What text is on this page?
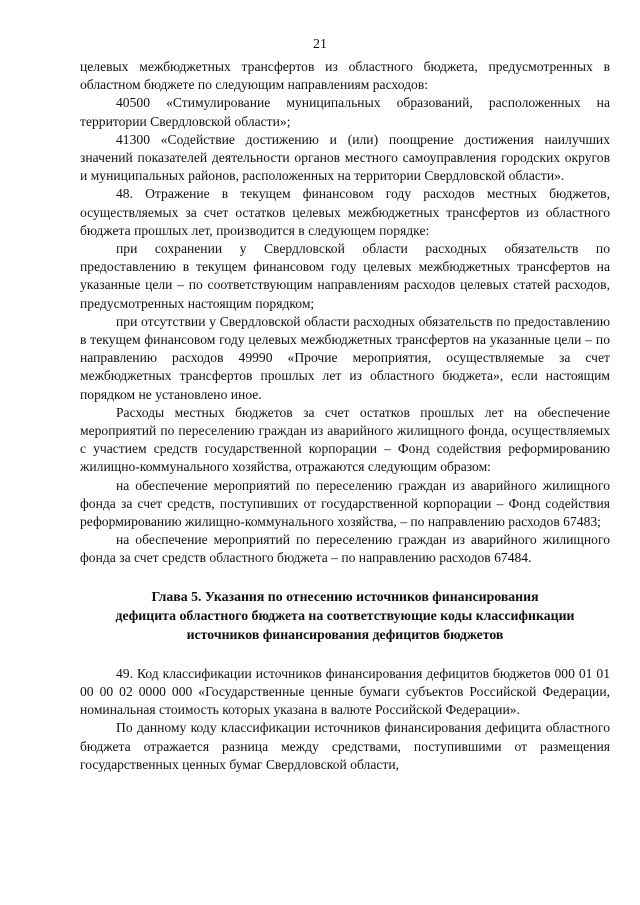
21

целевых межбюджетных трансфертов из областного бюджета, предусмотренных в областном бюджете по следующим направлениям расходов:

40500 «Стимулирование муниципальных образований, расположенных на территории Свердловской области»;

41300 «Содействие достижению и (или) поощрение достижения наилучших значений показателей деятельности органов местного самоуправления городских округов и муниципальных районов, расположенных на территории Свердловской области».

48. Отражение в текущем финансовом году расходов местных бюджетов, осуществляемых за счет остатков целевых межбюджетных трансфертов из областного бюджета прошлых лет, производится в следующем порядке:

при сохранении у Свердловской области расходных обязательств по предоставлению в текущем финансовом году целевых межбюджетных трансфертов на указанные цели – по соответствующим направлениям расходов целевых статей расходов, предусмотренных настоящим порядком;

при отсутствии у Свердловской области расходных обязательств по предоставлению в текущем финансовом году целевых межбюджетных трансфертов на указанные цели – по направлению расходов 49990 «Прочие мероприятия, осуществляемые за счет межбюджетных трансфертов прошлых лет из областного бюджета», если настоящим порядком не установлено иное.

Расходы местных бюджетов за счет остатков прошлых лет на обеспечение мероприятий по переселению граждан из аварийного жилищного фонда, осуществляемых с участием средств государственной корпорации – Фонд содействия реформированию жилищно-коммунального хозяйства, отражаются следующим образом:

на обеспечение мероприятий по переселению граждан из аварийного жилищного фонда за счет средств, поступивших от государственной корпорации – Фонд содействия реформированию жилищно-коммунального хозяйства, – по направлению расходов 67483;

на обеспечение мероприятий по переселению граждан из аварийного жилищного фонда за счет средств областного бюджета – по направлению расходов 67484.

Глава 5. Указания по отнесению источников финансирования
дефицита областного бюджета на соответствующие коды классификации
источников финансирования дефицитов бюджетов

49. Код классификации источников финансирования дефицитов бюджетов 000 01 01 00 00 02 0000 000 «Государственные ценные бумаги субъектов Российской Федерации, номинальная стоимость которых указана в валюте Российской Федерации».

По данному коду классификации источников финансирования дефицита областного бюджета отражается разница между средствами, поступившими от размещения государственных ценных бумаг Свердловской области,
